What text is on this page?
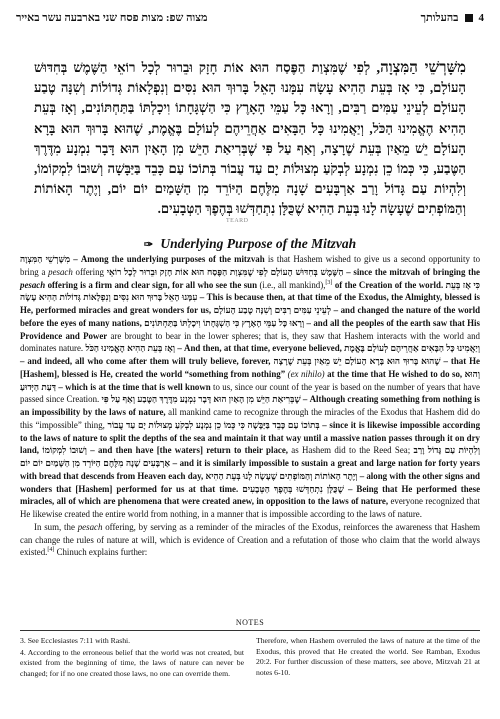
מצוה שפ: מצות פסח שני בארבעה עשר באייר	בהעלותך 4
מִשָּׁרְשֵׁי הַמִּצְוָה, לְפִי שֶׁמִּצְוַת הַפֶּסַח הוּא אוֹת חָזָק וּבֵרוּר לְכָל רוֹאֵי הַשֶּׁמֶשׁ בְּחִדּוּשׁ הָעוֹלָם, כִּי אָז בְּעֵת הַהִיא עָשָׂה עִמָּנוּ הָאֵל בָּרוּךְ הוּא נִסִּים וְנִפְלָאוֹת גְּדוֹלוֹת וְשִׁנָּה טֶבַע הָעוֹלָם לְעֵינֵי עַמִּים רַבִּים, וְרָאוּ כָּל עַמֵּי הָאָרֶץ כִּי הַשְׁגָּחָתוֹ וִיכָלְתּוֹ בַּתַּחְתּוֹנִים, וְאָז בְּעֵת הַהִיא הֶאֱמִינוּ הַכֹּל, וְיַאֲמִינוּ כָּל הַבָּאִים אַחֲרֵיהֶם לְעוֹלָם בֶּאֱמֶת, שֶׁהוּא בָּרוּךְ הוּא בָּרָא הָעוֹלָם יֵשׁ מֵאַיִן בְּעֵת שֶׁרָצָה, וְאַף עַל פִּי שֶׁבְּרִיאַת הַיֵּשׁ מִן הָאַיִן הוּא דָּבָר נִמְנָע מִדֶּרֶךְ הַטֶּבַע, כִּי כְּמוֹ כֵן נִמְנָע לְבְקֹעַ מְצוּלוֹת יָם עַד עֲבוֹר בְּתוֹכוֹ עַם כָּבֵד בַּיַּבָּשָׁה וְשׁוּבוֹ לִמְקוֹמוֹ, וְלִהְיוֹת עַם גָּדוֹל וָרַב אַרְבָּעִים שָׁנָה מִלֶּחֶם הַיּוֹרֵד מִן הַשָּׁמַיִם יוֹם יוֹם, וְיֶתֶר הָאוֹתוֹת וְהַמּוֹפְתִים שֶׁעָשָׂה לָנוּ בְּעֵת הַהִיא שֶׁכֻּלָּן נִתְחַדְּשׁוּ בְּהֶפֶךְ הַטְּבָעִים.
TEARD
✑ Underlying Purpose of the Mitzvah

מִשָּׁרְשֵׁי הַמִּצְוָה – Among the underlying purposes of the mitzvah is that Hashem wished to give us a second opportunity to bring a pesach offering לְפִי שֶׁמִּצְוַת הַפֶּסַח הוּא אוֹת חָזָק וּבֵרוּר לְכָל רוֹאֵי הַשֶּׁמֶשׁ בְּחִדּוּשׁ הָעוֹלָם – since the mitzvah of bringing the pesach offering is a firm and clear sign, for all who see the sun (i.e., all mankind),[3] of the Creation of the world. כִּי אָז בְּעֵת הַהִיא עָשָׂה עִמָּנוּ הָאֵל בָּרוּךְ הוּא נִסִּים וְנִפְלָאוֹת גְּדוֹלוֹת – This is because then, at that time of the Exodus, the Almighty, blessed is He, performed miracles and great wonders for us, וְשִׁנָּה טֶבַע הָעוֹלָם לְעֵינֵי עַמִּים רַבִּים – and changed the nature of the world before the eyes of many nations, וְרָאוּ כָּל עַמֵּי הָאָרֶץ כִּי הַשְׁגָּחָתוֹ וִיכָלְתּוֹ בַּתַּחְתּוֹנִים – and all the peoples of the earth saw that His Providence and Power are brought to bear in the lower spheres; that is, they saw that Hashem interacts with the world and dominates nature. וְאָז בְּעֵת הַהִיא הֶאֱמִינוּ הַכֹּל – And then, at that time, everyone believed, וְיַאֲמִינוּ כָּל הַבָּאִים אַחֲרֵיהֶם לְעוֹלָם בֶּאֱמֶת – and indeed, all who come after them will truly believe, forever, שֶׁהוּא בָּרוּךְ הוּא בָּרָא הָעוֹלָם יֵשׁ מֵאַיִן בְּעֵת שֶׁרָצָה – that He [Hashem], blessed is He, created the world “something from nothing” (ex nihilo) at the time that He wished to do so, וְהוּא דַּעַת הַיְּדוּעַ – which is at the time that is well known to us, since our count of the year is based on the number of years that have passed since Creation. וְאַף עַל פִּי שֶׁבְּרִיאַת הַיֵּשׁ מִן הָאַיִן הוּא דָּבָר נִמְנָע מִדֶּרֶךְ הַטֶּבַע – Although creating something from nothing is an impossibility by the laws of nature, all mankind came to recognize through the miracles of the Exodus that Hashem did do this “impossible” thing, כִּי כְּמוֹ כֵן נִמְנָע לִבְקֹעַ מְצוּלוֹת יָם עַד עֲבוֹר בְּתוֹכוֹ עַם כָּבֵד בַּיַּבָּשָׁה – since it is likewise impossible according to the laws of nature to split the depths of the sea and maintain it that way until a massive nation passes through it on dry land, וְשׁוּבוֹ לִמְקוֹמוֹ – and then have [the waters] return to their place, as Hashem did to the Reed Sea; וְלִהְיוֹת עַם גָּדוֹל וָרַב אַרְבָּעִים שָׁנָה מִלֶּחֶם הַיּוֹרֵד מִן הַשָּׁמַיִם יוֹם יוֹם – and it is similarly impossible to sustain a great and large nation for forty years with bread that descends from Heaven each day, וְיֶתֶר הָאוֹתוֹת וְהַמּוֹפְתִים שֶׁעָשָׂה לָנוּ בְּעֵת הַהִיא – along with the other signs and wonders that [Hashem] performed for us at that time. שֶׁכֻּלָּן נִתְחַדְּשׁוּ בְּהֶפֶךְ הַטְּבָעִים – Being that He performed these miracles, all of which are phenomena that were created anew, in opposition to the laws of nature, everyone recognized that He likewise created the entire world from nothing, in a manner that is impossible according to the laws of nature.

In sum, the pesach offering, by serving as a reminder of the miracles of the Exodus, reinforces the awareness that Hashem can change the rules of nature at will, which is evidence of Creation and a refutation of those who claim that the world always existed.[4] Chinuch explains further:

NOTES

3. See Ecclesiastes 7:11 with Rashi.

4. According to the erroneous belief that the world was not created, but existed from the beginning of time, the laws of nature can never be changed; for if no one created those laws, no one can override them.

Therefore, when Hashem overruled the laws of nature at the time of the Exodus, this proved that He created the world. See Ramban, Exodus 20:2. For further discussion of these matters, see above, Mitzvah 21 at notes 6-10.
